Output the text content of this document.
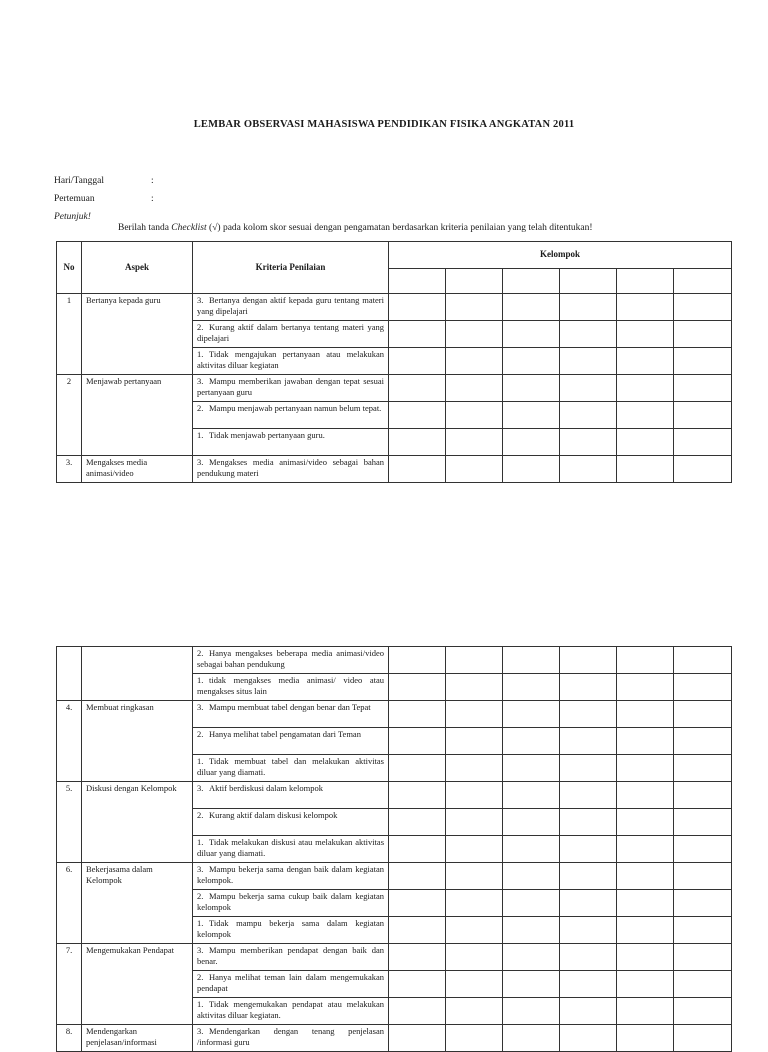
LEMBAR OBSERVASI MAHASISWA PENDIDIKAN FISIKA ANGKATAN 2011
Hari/Tanggal	:
Pertemuan	:
Petunjuk!
Berilah tanda Checklist (√) pada kolom skor sesuai dengan pengamatan berdasarkan kriteria penilaian yang telah ditentukan!
No	Aspek	Kriteria Penilaian	Kelompok					

1	Bertanya kepada guru	3. Bertanya dengan aktif kepada guru tentang materi yang dipelajari						
		2. Kurang aktif dalam bertanya tentang materi yang dipelajari						
		1. Tidak mengajukan pertanyaan atau melakukan aktivitas diluar kegiatan						
2	Menjawab pertanyaan	3. Mampu memberikan jawaban dengan tepat sesuai pertanyaan guru						
		2. Mampu menjawab pertanyaan namun belum tepat.						
		1. Tidak menjawab pertanyaan guru.						
3.	Mengakses media animasi/video	3. Mengakses media animasi/video sebagai bahan pendukung materi						
		2. Hanya mengakses beberapa media animasi/video sebagai bahan pendukung						
		1. tidak mengakses media animasi/ video atau mengakses situs lain						
4.	Membuat ringkasan	3. Mampu membuat tabel dengan benar dan Tepat						
		2. Hanya melihat tabel pengamatan dari Teman						
		1. Tidak membuat tabel dan melakukan aktivitas diluar yang diamati.						
5.	Diskusi dengan Kelompok	3. Aktif berdiskusi dalam kelompok						
		2. Kurang aktif dalam diskusi kelompok						
		1. Tidak melakukan diskusi atau melakukan aktivitas diluar yang diamati.						
6.	Bekerjasama dalam Kelompok	3. Mampu bekerja sama dengan baik dalam kegiatan kelompok.						
		2. Mampu bekerja sama cukup baik dalam kegiatan kelompok						
		1. Tidak mampu bekerja sama dalam kegiatan kelompok						
7.	Mengemukakan Pendapat	3. Mampu memberikan pendapat dengan baik dan benar.						
		2. Hanya melihat teman lain dalam mengemukakan pendapat						
		1. Tidak mengemukakan pendapat atau melakukan aktivitas diluar kegiatan.						
8.	Mendengarkan penjelasan/informasi	3. Mendengarkan dengan tenang penjelasan /informasi guru						
